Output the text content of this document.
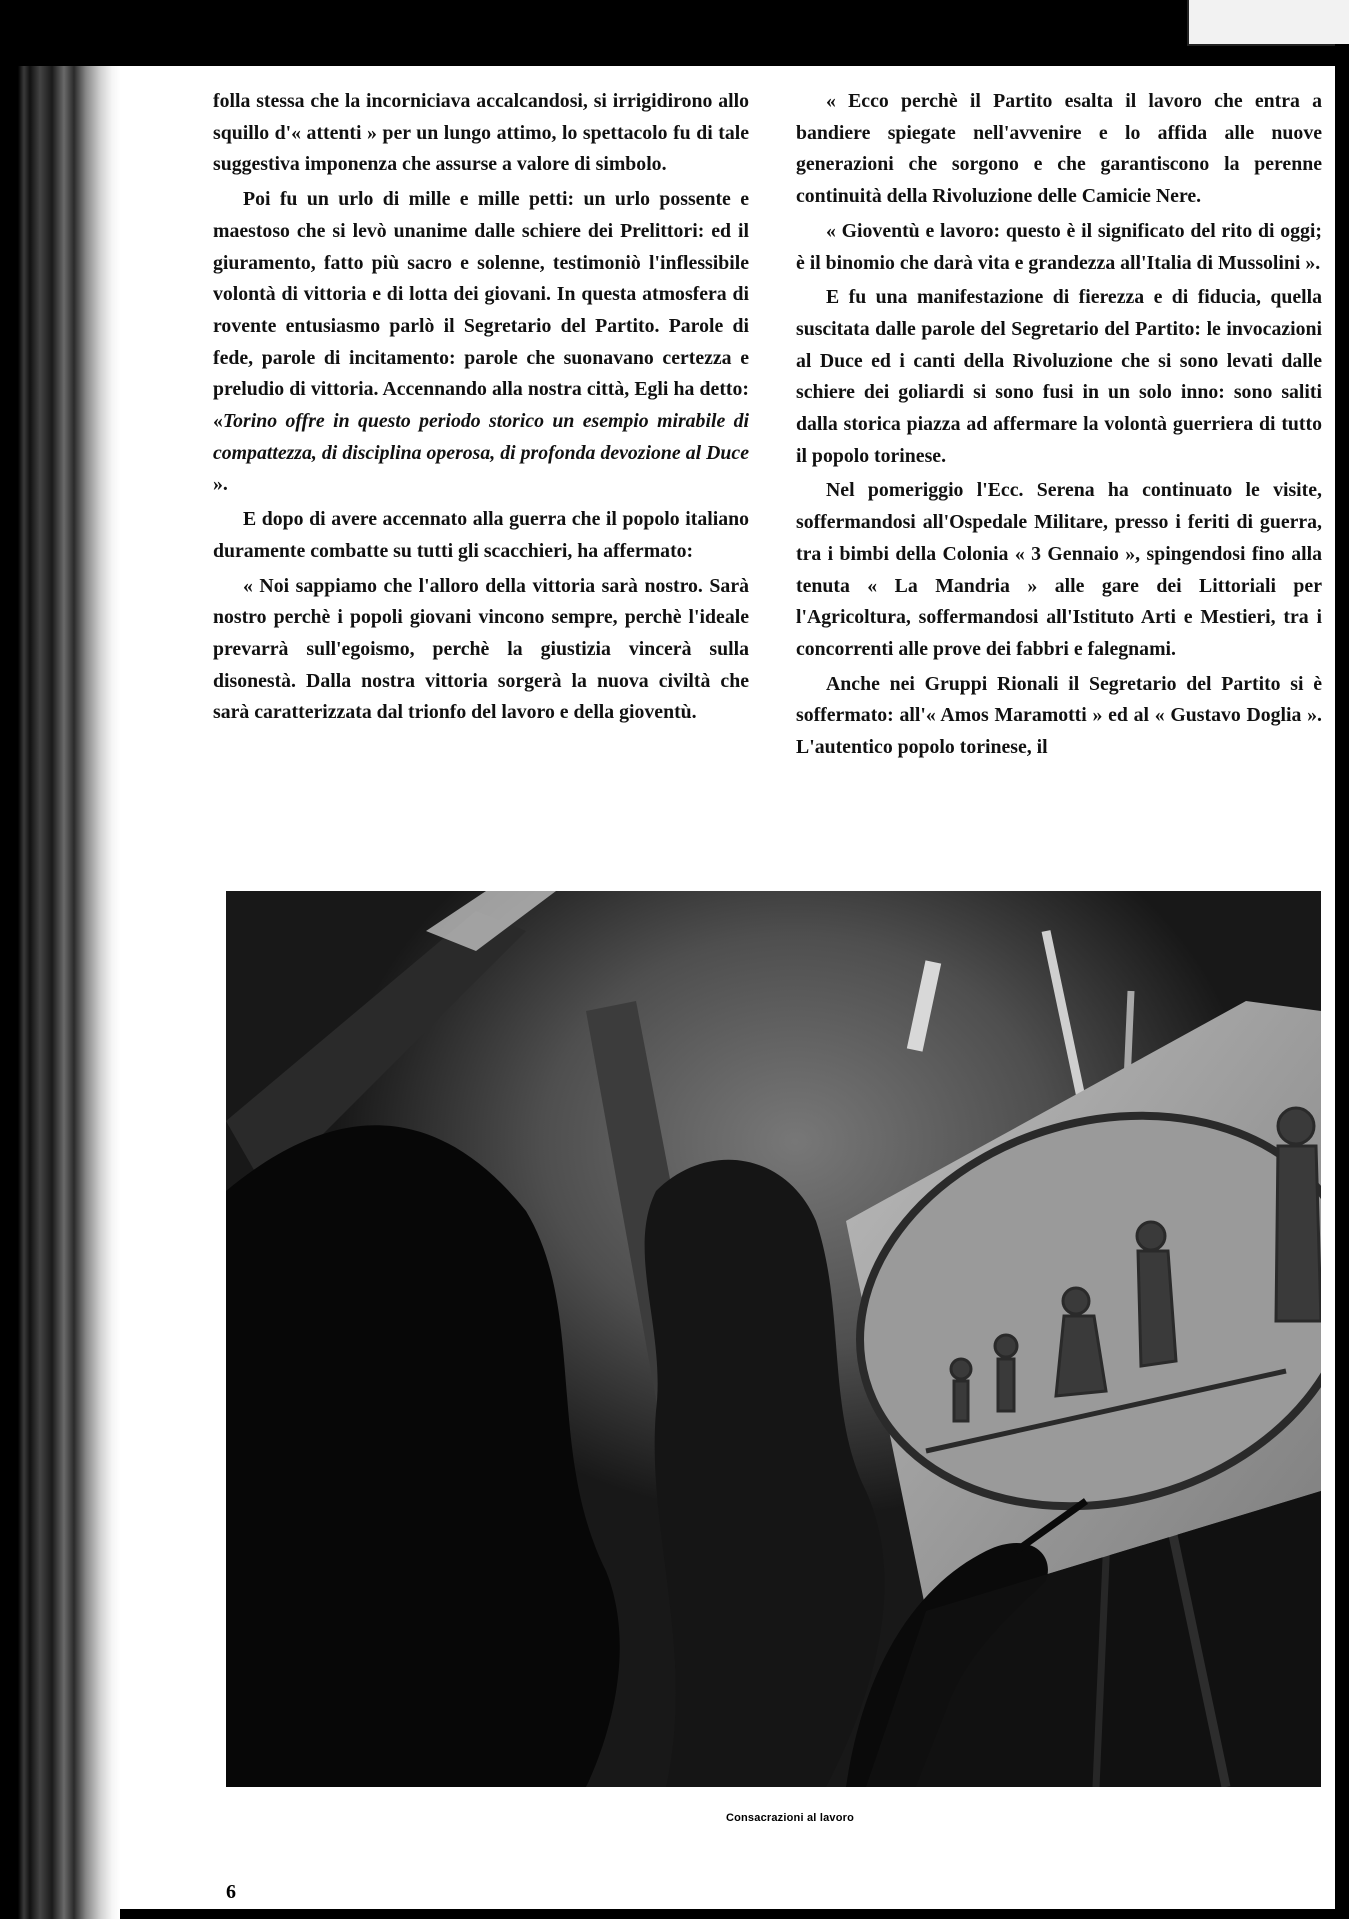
folla stessa che la incorniciava accalcandosi, si irrigidirono allo squillo d'« attenti » per un lungo attimo, lo spettacolo fu di tale suggestiva imponenza che assurse a valore di simbolo.

Poi fu un urlo di mille e mille petti: un urlo possente e maestoso che si levò unanime dalle schiere dei Prelittori: ed il giuramento, fatto più sacro e solenne, testimoniò l'inflessibile volontà di vittoria e di lotta dei giovani. In questa atmosfera di rovente entusiasmo parlò il Segretario del Partito. Parole di fede, parole di incitamento: parole che suonavano certezza e preludio di vittoria. Accennando alla nostra città, Egli ha detto: «Torino offre in questo periodo storico un esempio mirabile di compattezza, di disciplina operosa, di profonda devozione al Duce ».

E dopo di avere accennato alla guerra che il popolo italiano duramente combatte su tutti gli scacchieri, ha affermato:

« Noi sappiamo che l'alloro della vittoria sarà nostro. Sarà nostro perchè i popoli giovani vincono sempre, perchè l'ideale prevarrà sull'egoismo, perchè la giustizia vincerà sulla disonestà. Dalla nostra vittoria sorgerà la nuova civiltà che sarà caratterizzata dal trionfo del lavoro e della gioventù.

« Ecco perchè il Partito esalta il lavoro che entra a bandiere spiegate nell'avvenire e lo affida alle nuove generazioni che sorgono e che garantiscono la perenne continuità della Rivoluzione delle Camicie Nere.

« Gioventù e lavoro: questo è il significato del rito di oggi; è il binomio che darà vita e grandezza all'Italia di Mussolini ».

E fu una manifestazione di fierezza e di fiducia, quella suscitata dalle parole del Segretario del Partito: le invocazioni al Duce ed i canti della Rivoluzione che si sono levati dalle schiere dei goliardi si sono fusi in un solo inno: sono saliti dalla storica piazza ad affermare la volontà guerriera di tutto il popolo torinese.

Nel pomeriggio l'Ecc. Serena ha continuato le visite, soffermandosi all'Ospedale Militare, presso i feriti di guerra, tra i bimbi della Colonia « 3 Gennaio », spingendosi fino alla tenuta « La Mandria » alle gare dei Littoriali per l'Agricoltura, soffermandosi all'Istituto Arti e Mestieri, tra i concorrenti alle prove dei fabbri e falegnami.

Anche nei Gruppi Rionali il Segretario del Partito si è soffermato: all'« Amos Maramotti » ed al « Gustavo Doglia ». L'autentico popolo torinese, il

Consacrazioni al lavoro
6
